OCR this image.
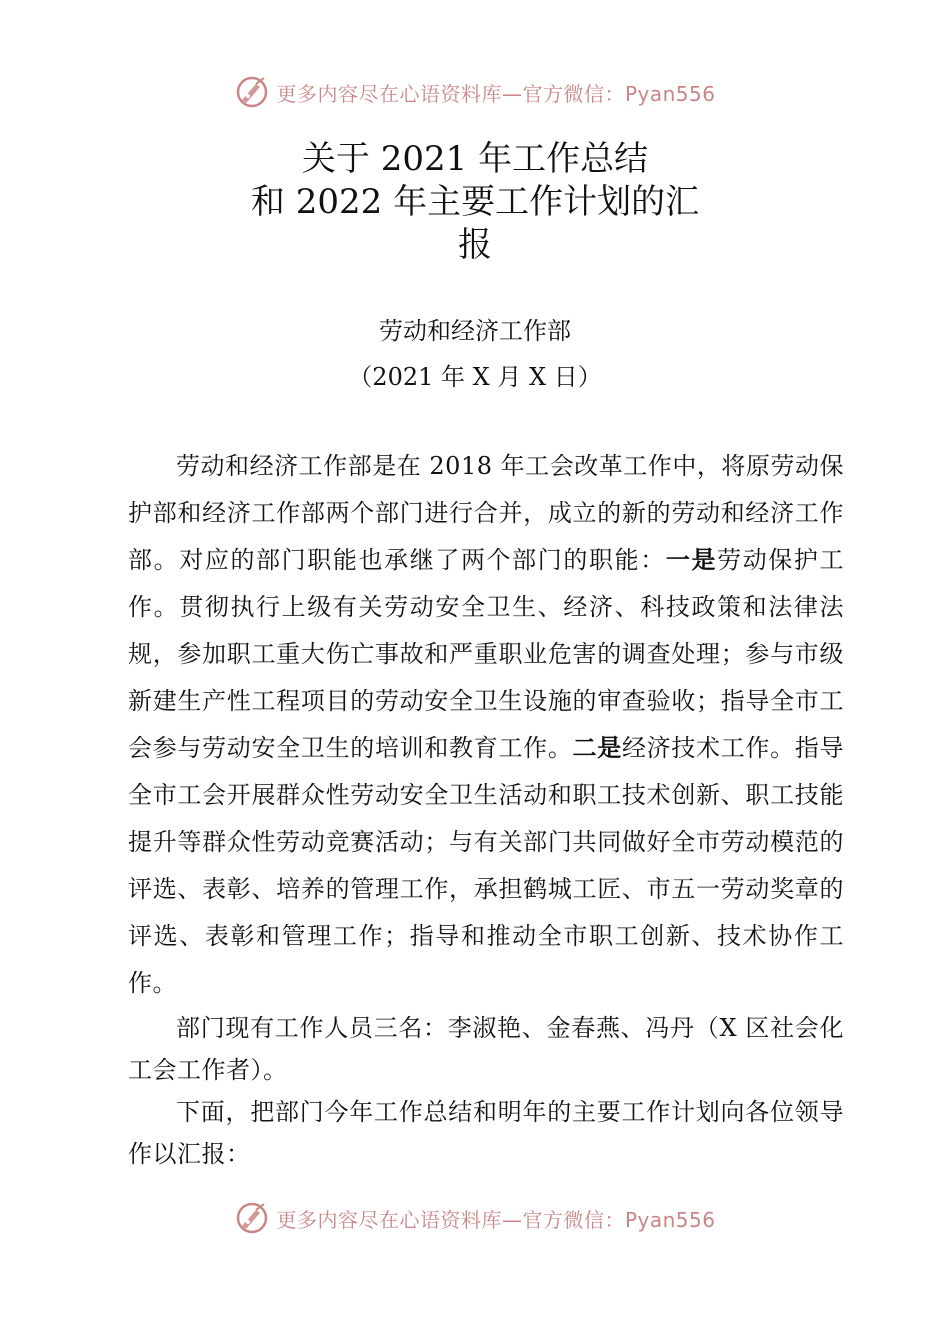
更多内容尽在心语资料库—官方微信：Pyan556
关于 2021 年工作总结
和 2022 年主要工作计划的汇
报
劳动和经济工作部
（2021 年 X 月 X 日）

劳动和经济工作部是在 2018 年工会改革工作中，将原劳动保护部和经济工作部两个部门进行合并，成立的新的劳动和经济工作部。对应的部门职能也承继了两个部门的职能：一是劳动保护工作。贯彻执行上级有关劳动安全卫生、经济、科技政策和法律法规，参加职工重大伤亡事故和严重职业危害的调查处理；参与市级新建生产性工程项目的劳动安全卫生设施的审查验收；指导全市工会参与劳动安全卫生的培训和教育工作。二是经济技术工作。指导全市工会开展群众性劳动安全卫生活动和职工技术创新、职工技能提升等群众性劳动竞赛活动；与有关部门共同做好全市劳动模范的评选、表彰、培养的管理工作，承担鹤城工匠、市五一劳动奖章的评选、表彰和管理工作；指导和推动全市职工创新、技术协作工作。

部门现有工作人员三名：李淑艳、金春燕、冯丹（X 区社会化工会工作者）。

下面，把部门今年工作总结和明年的主要工作计划向各位领导作以汇报：

更多内容尽在心语资料库—官方微信：Pyan556
